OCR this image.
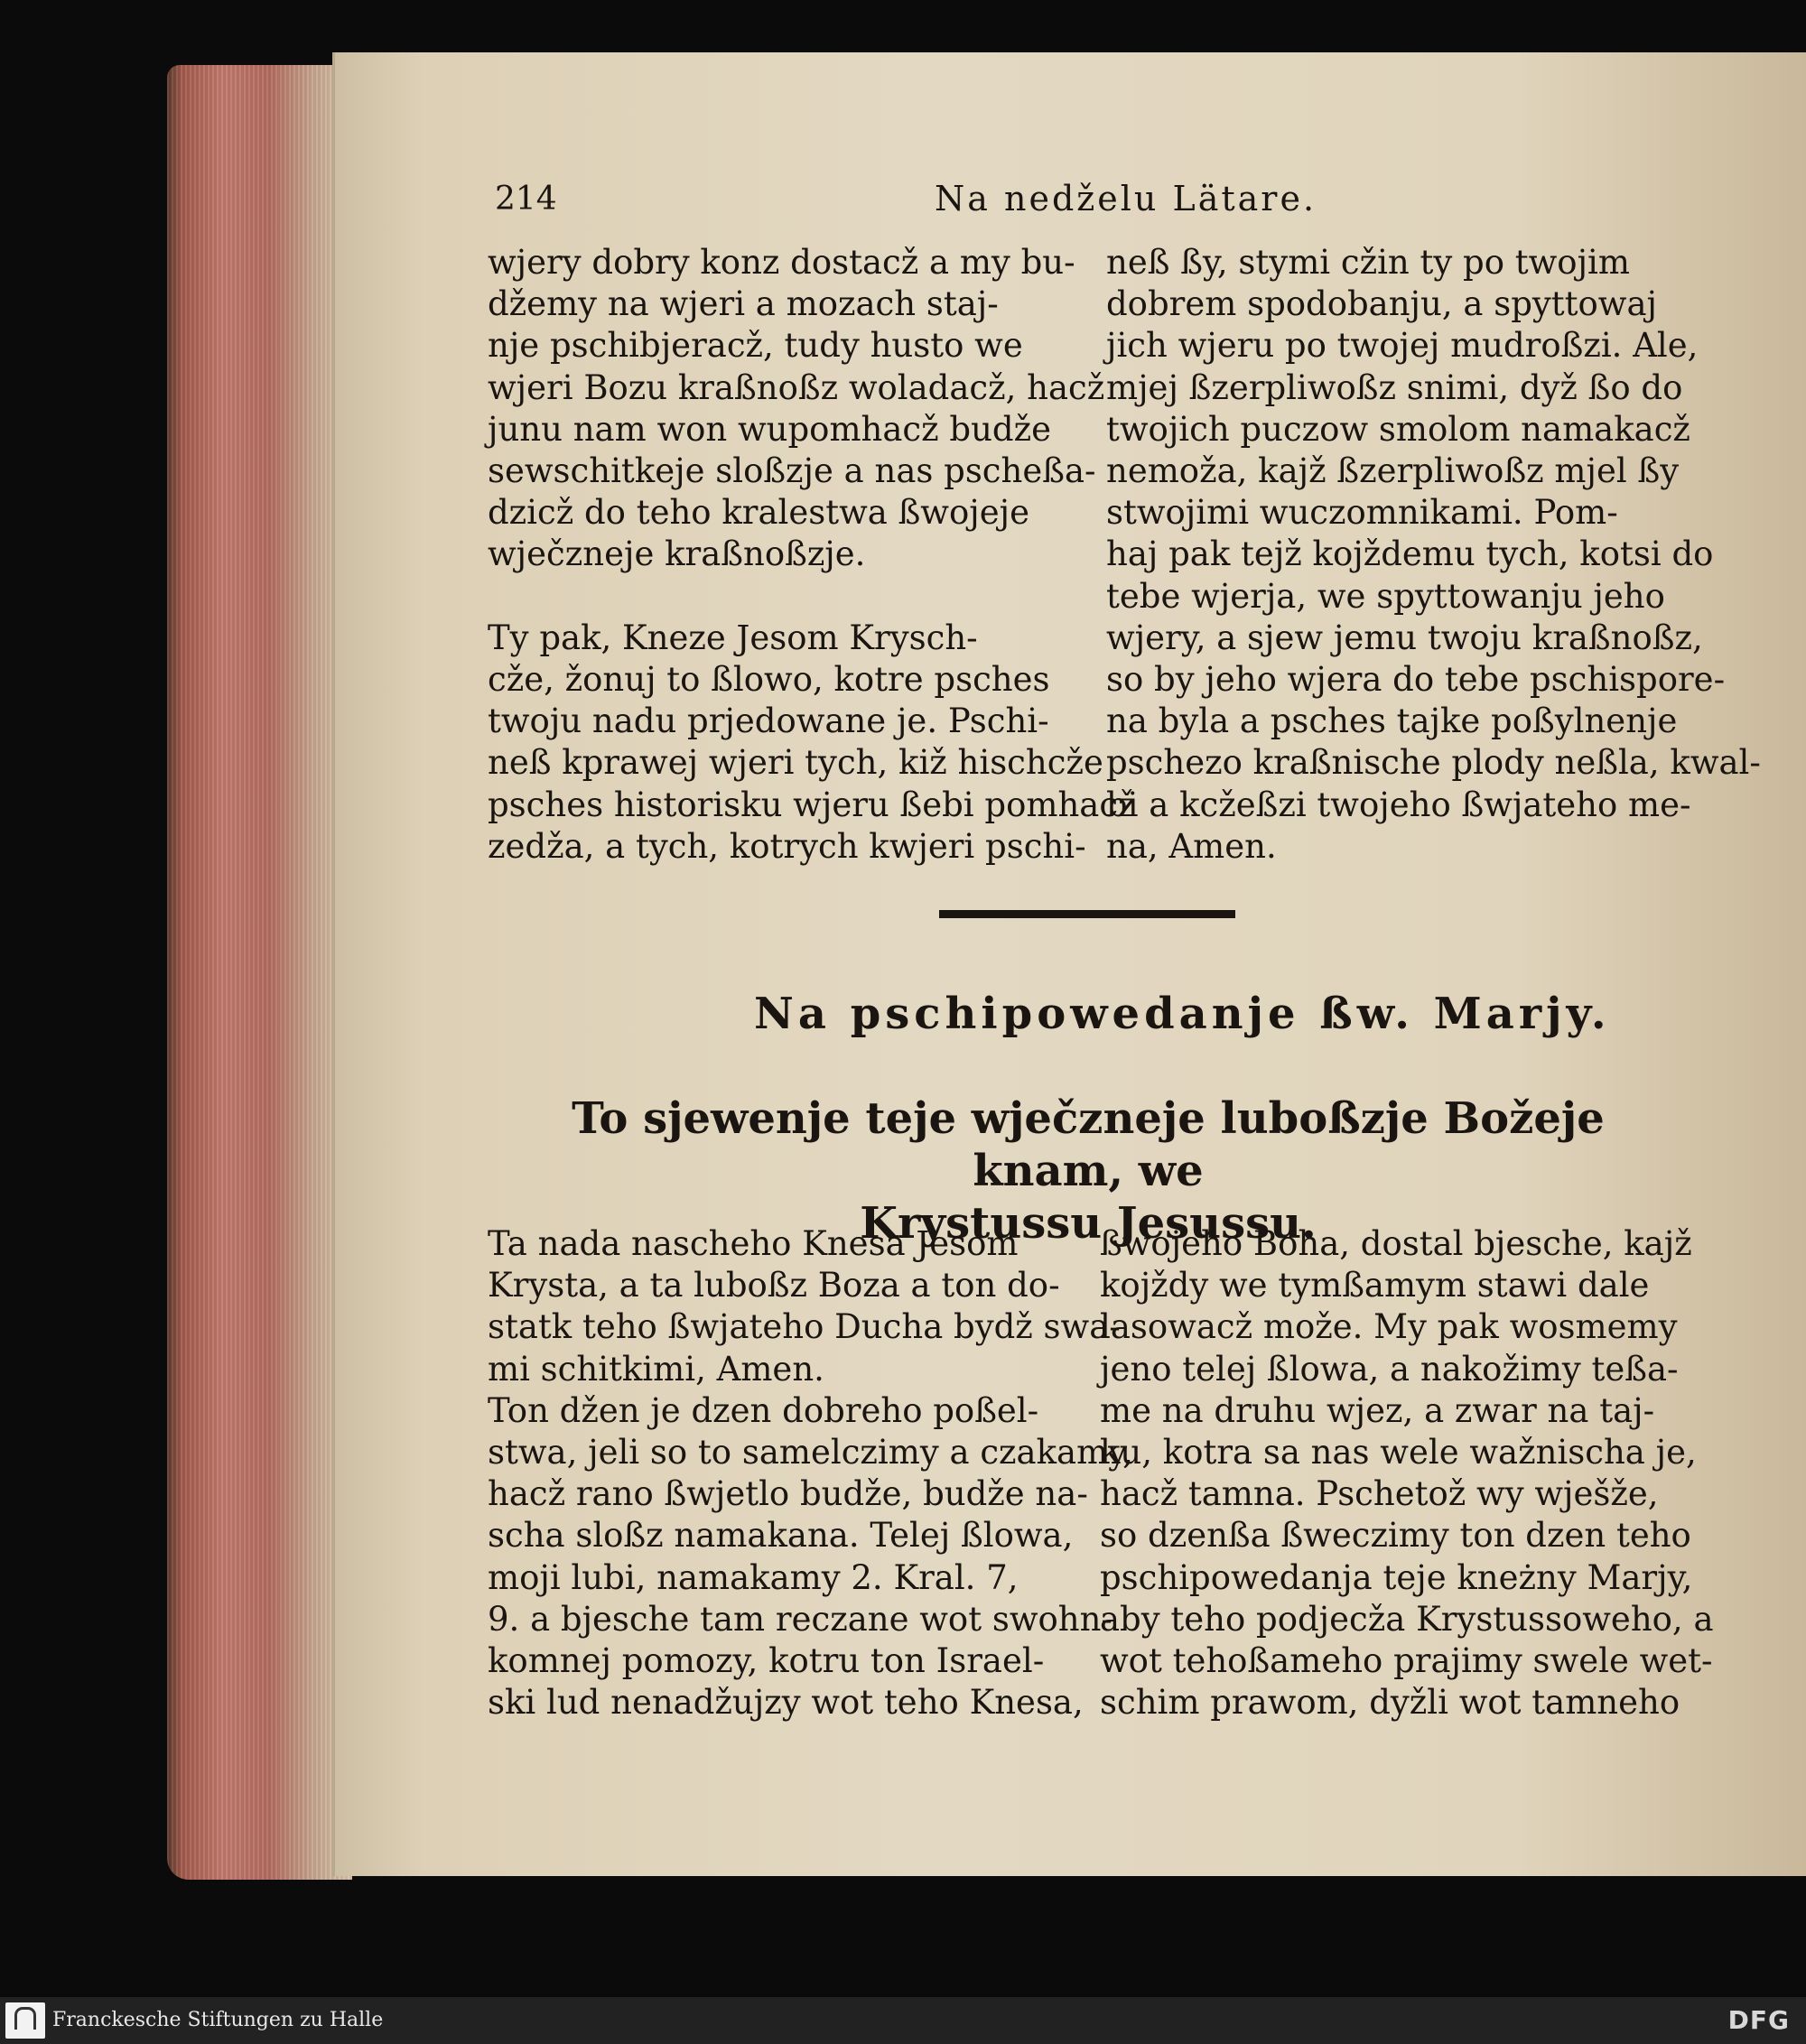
214	Na nedželu Lätare.
wjery dobry konz dostacž a my bu-
džemy na wjeri a mozach staj-
nje pschibjeracž, tudy husto we
wjeri Bozu kraßnoßz woladacž, hacž
junu nam won wupomhacž budže
sewschitkeje sloßzje a nas pscheßa-
dzicž do teho kralestwa ßwojeje
wječzneje kraßnoßzje.

Ty pak, Kneze Jesom Krysch-
cže, žonuj to ßlowo, kotre psches
twoju nadu prjedowane je. Pschi-
neß kprawej wjeri tych, kiž hischcže
psches historisku wjeru ßebi pomhacž
zedža, a tych, kotrych kwjeri pschi-
neß ßy, stymi cžin ty po twojim
dobrem spodobanju, a spyttowaj
jich wjeru po twojej mudroßzi. Ale,
mjej ßzerpliwoßz snimi, dyž ßo do
twojich puczow smolom namakacž
nemoža, kajž ßzerpliwoßz mjel ßy
stwojimi wuczomnikami. Pom-
haj pak tejž kojždemu tych, kotsi do
tebe wjerja, we spyttowanju jeho
wjery, a sjew jemu twoju kraßnoßz,
so by jeho wjera do tebe pschispore-
na byla a psches tajke poßylnenje
pschezo kraßnische plody neßla, kwal-
bi a kcžeßzi twojeho ßwjateho me-
na, Amen.
Na pschipowedanje ßw. Marjy.
To sjewenje teje wječzneje luboßzje Božeje knam, we
Krystussu Jesussu.
Ta nada nascheho Knesa Jesom
Krysta, a ta luboßz Boza a ton do-
statk teho ßwjateho Ducha bydž swa-
mi schitkimi, Amen.
Ton džen je dzen dobreho poßel-
stwa, jeli so to samelczimy a czakamy,
hacž rano ßwjetlo budže, budže na-
scha sloßz namakana. Telej ßlowa,
moji lubi, namakamy 2. Kral. 7,
9. a bjesche tam reczane wot swohn-
komnej pomozy, kotru ton Israel-
ski lud nenadžujzy wot teho Knesa,
ßwojeho Boha, dostal bjesche, kajž
kojždy we tymßamym stawi dale
lasowacž može. My pak wosmemy
jeno telej ßlowa, a nakožimy teßa-
me na druhu wjez, a zwar na taj-
ku, kotra sa nas wele wažnischa je,
hacž tamna. Pschetož wy wješže,
so dzenßa ßweczimy ton dzen teho
pschipowedanja teje kneżny Marjy,
aby teho podjecža Krystussoweho, a
wot tehoßameho prajimy swele wet-
schim prawom, dyžli wot tamneho
Franckesche Stiftungen zu Halle	DFG
